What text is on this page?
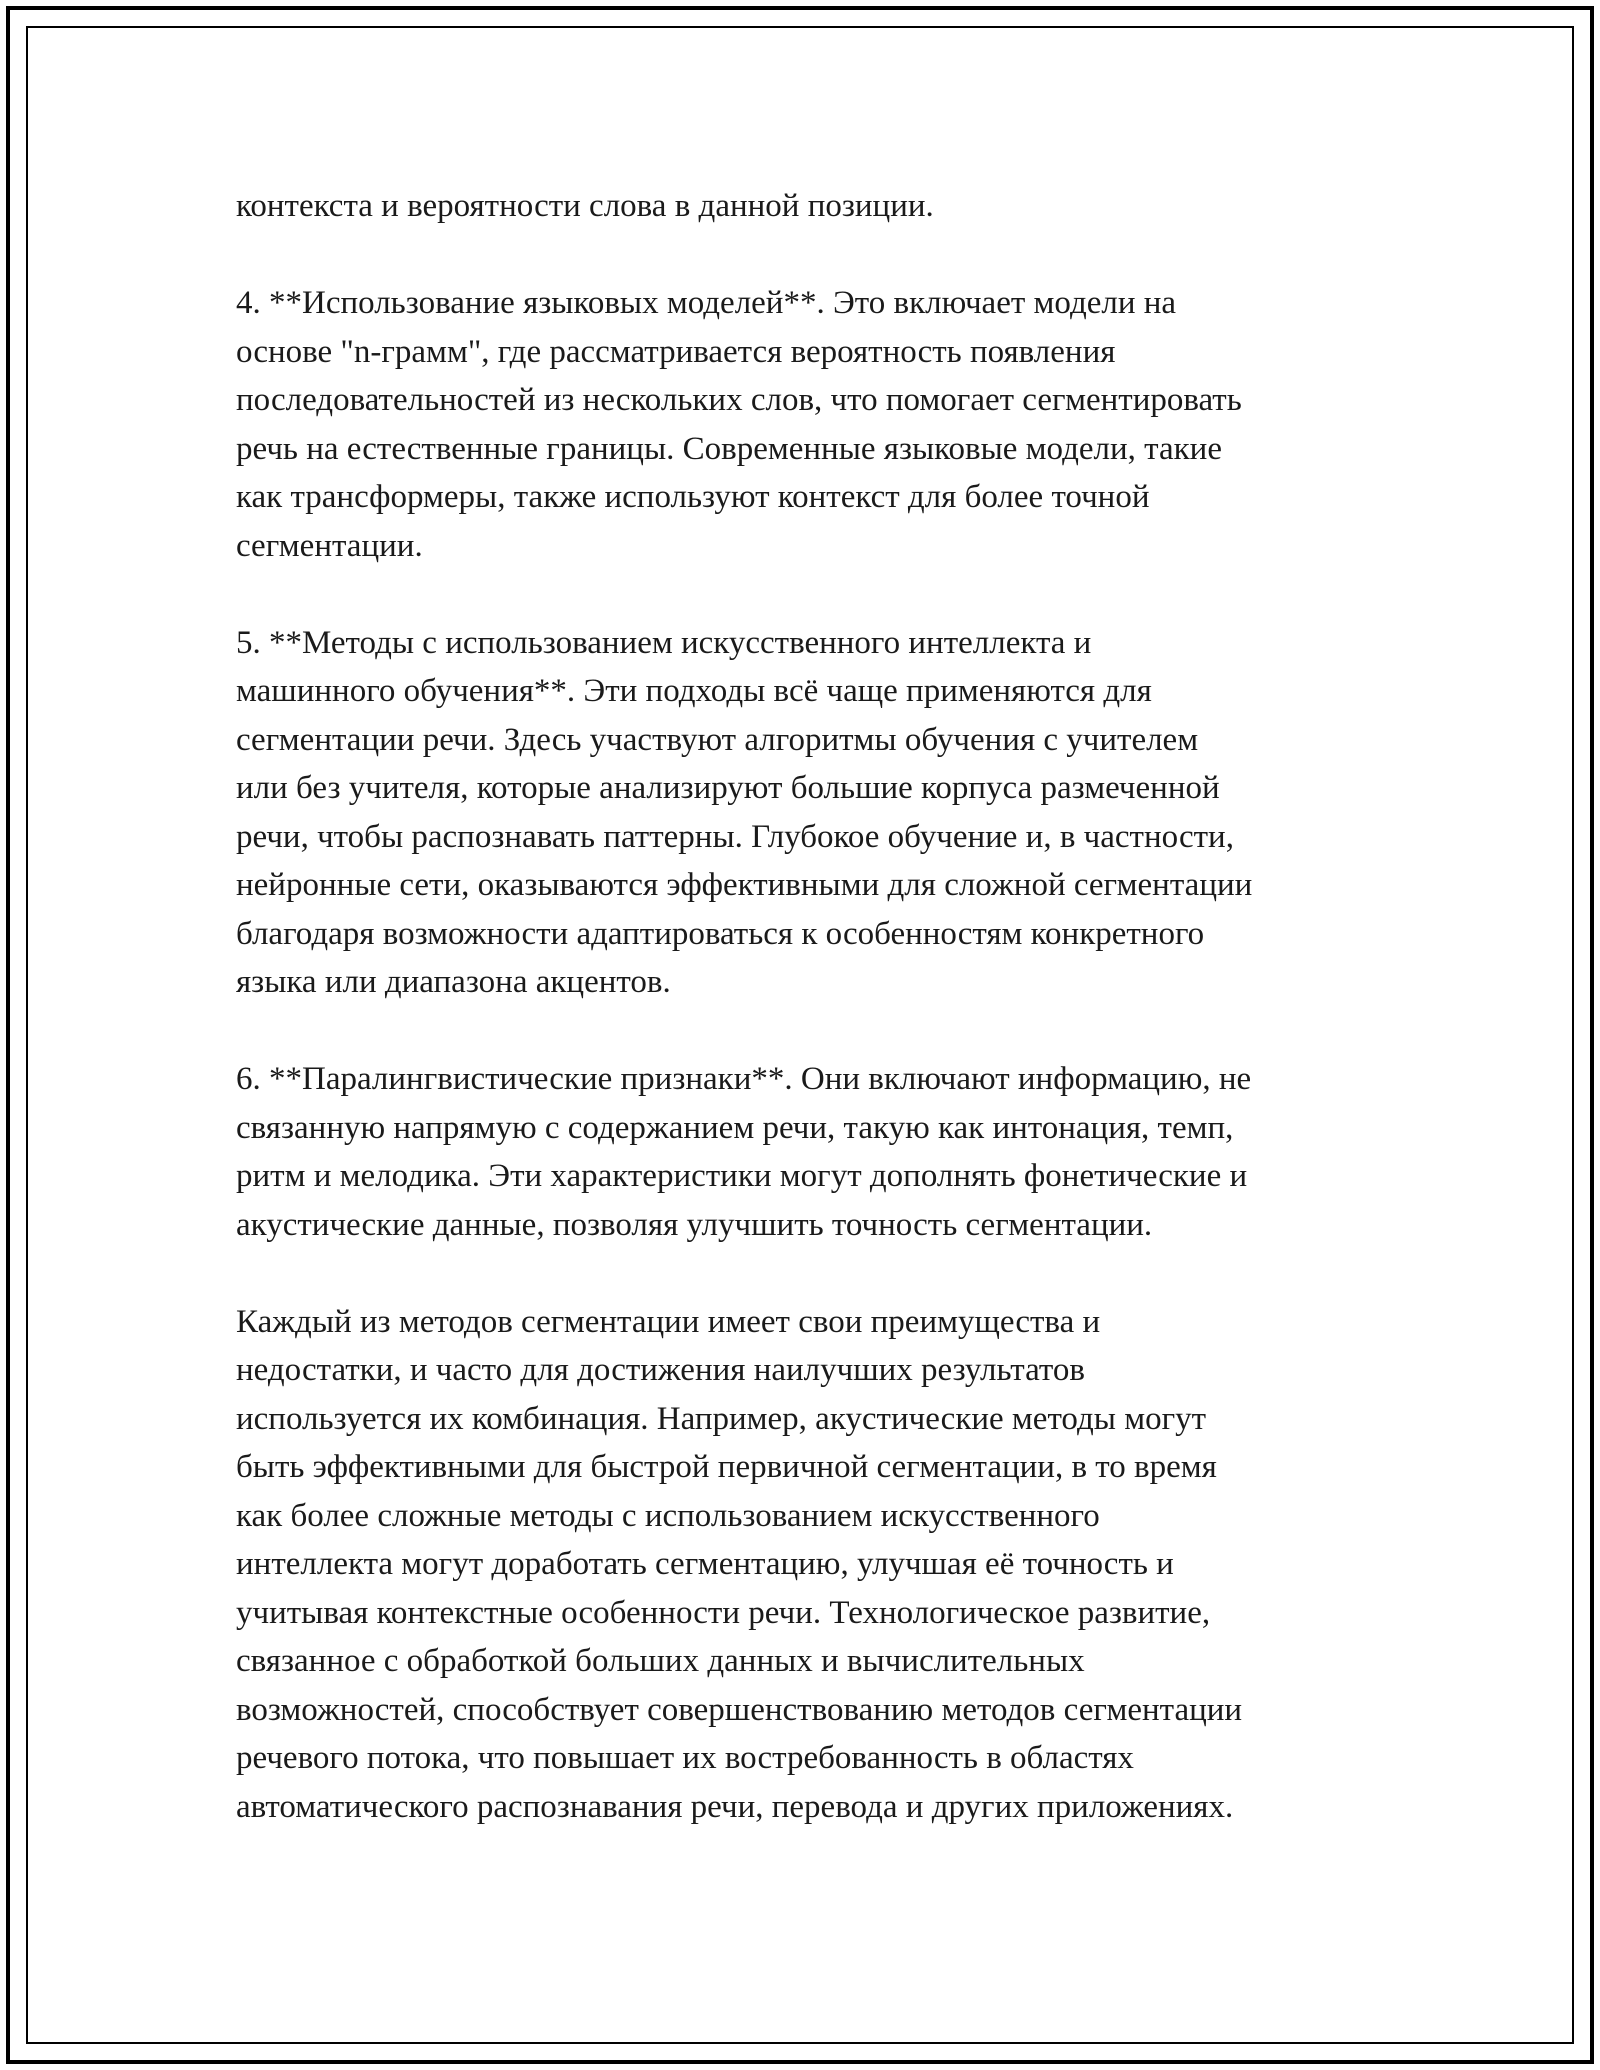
контекста и вероятности слова в данной позиции.
4. **Использование языковых моделей**. Это включает модели на
основе "n-грамм", где рассматривается вероятность появления
последовательностей из нескольких слов, что помогает сегментировать
речь на естественные границы. Современные языковые модели, такие
как трансформеры, также используют контекст для более точной
сегментации.
5. **Методы с использованием искусственного интеллекта и
машинного обучения**. Эти подходы всё чаще применяются для
сегментации речи. Здесь участвуют алгоритмы обучения с учителем
или без учителя, которые анализируют большие корпуса размеченной
речи, чтобы распознавать паттерны. Глубокое обучение и, в частности,
нейронные сети, оказываются эффективными для сложной сегментации
благодаря возможности адаптироваться к особенностям конкретного
языка или диапазона акцентов.
6. **Паралингвистические признаки**. Они включают информацию, не
связанную напрямую с содержанием речи, такую как интонация, темп,
ритм и мелодика. Эти характеристики могут дополнять фонетические и
акустические данные, позволяя улучшить точность сегментации.
Каждый из методов сегментации имеет свои преимущества и
недостатки, и часто для достижения наилучших результатов
используется их комбинация. Например, акустические методы могут
быть эффективными для быстрой первичной сегментации, в то время
как более сложные методы с использованием искусственного
интеллекта могут доработать сегментацию, улучшая её точность и
учитывая контекстные особенности речи. Технологическое развитие,
связанное с обработкой больших данных и вычислительных
возможностей, способствует совершенствованию методов сегментации
речевого потока, что повышает их востребованность в областях
автоматического распознавания речи, перевода и других приложениях.
